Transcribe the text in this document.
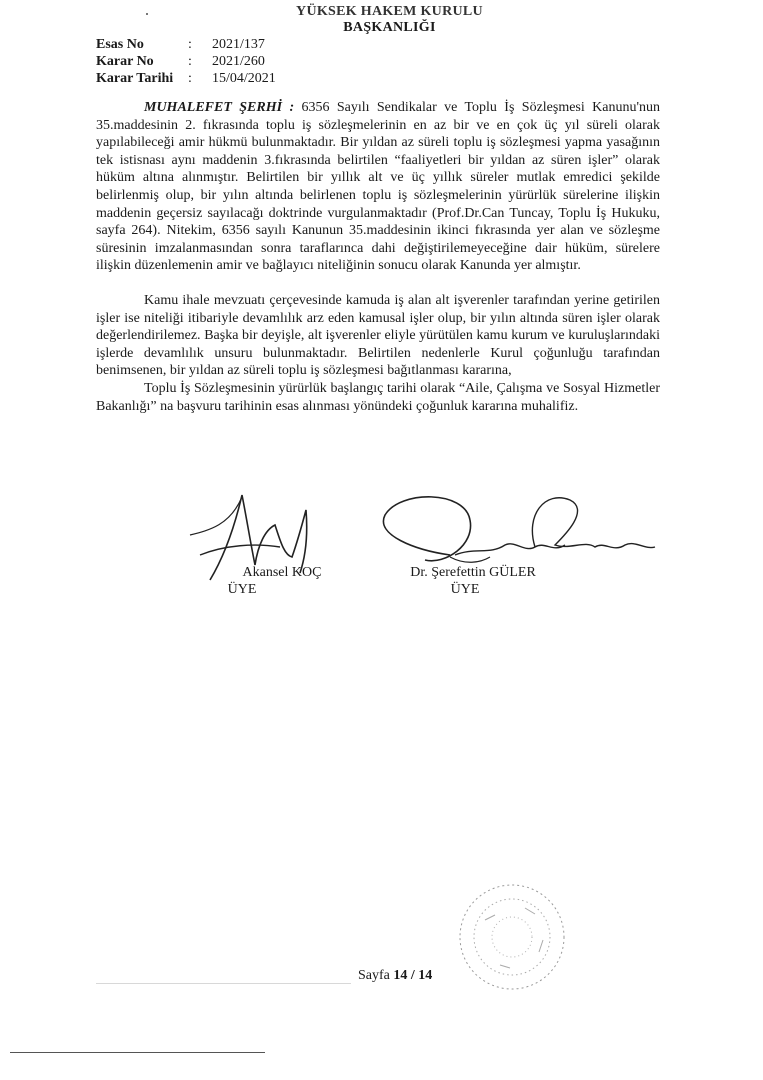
YÜKSEK HAKEM KURULU
BAŞKANLIĞI
Esas No	:	2021/137
Karar No	:	2021/260
Karar Tarihi	:	15/04/2021

MUHALEFET ŞERHİ : 6356 Sayılı Sendikalar ve Toplu İş Sözleşmesi Kanunu'nun 35.maddesinin 2. fıkrasında toplu iş sözleşmelerinin en az bir ve en çok üç yıl süreli olarak yapılabileceği amir hükmü bulunmaktadır. Bir yıldan az süreli toplu iş sözleşmesi yapma yasağının tek istisnası aynı maddenin 3.fıkrasında belirtilen “faaliyetleri bir yıldan az süren işler” olarak hüküm altına alınmıştır. Belirtilen bir yıllık alt ve üç yıllık süreler mutlak emredici şekilde belirlenmiş olup, bir yılın altında belirlenen toplu iş sözleşmelerinin yürürlük sürelerine ilişkin maddenin geçersiz sayılacağı doktrinde vurgulanmaktadır (Prof.Dr.Can Tuncay, Toplu İş Hukuku, sayfa 264). Nitekim, 6356 sayılı Kanunun 35.maddesinin ikinci fıkrasında yer alan ve sözleşme süresinin imzalanmasından sonra taraflarınca dahi değiştirilemeyeceğine dair hüküm, sürelere ilişkin düzenlemenin amir ve bağlayıcı niteliğinin sonucu olarak Kanunda yer almıştır.

Kamu ihale mevzuatı çerçevesinde kamuda iş alan alt işverenler tarafından yerine getirilen işler ise niteliği itibariyle devamlılık arz eden kamusal işler olup, bir yılın altında süren işler olarak değerlendirilemez. Başka bir deyişle, alt işverenler eliyle yürütülen kamu kurum ve kuruluşlarındaki işlerde devamlılık unsuru bulunmaktadır. Belirtilen nedenlerle Kurul çoğunluğu tarafından benimsenen, bir yıldan az süreli toplu iş sözleşmesi bağıtlanması kararına,

Toplu İş Sözleşmesinin yürürlük başlangıç tarihi olarak “Aile, Çalışma ve Sosyal Hizmetler Bakanlığı” na başvuru tarihinin esas alınması yönündeki çoğunluk kararına muhalifiz.

Akansel KOÇ
ÜYE
Dr. Şerefettin GÜLER
ÜYE
Sayfa 14 / 14
